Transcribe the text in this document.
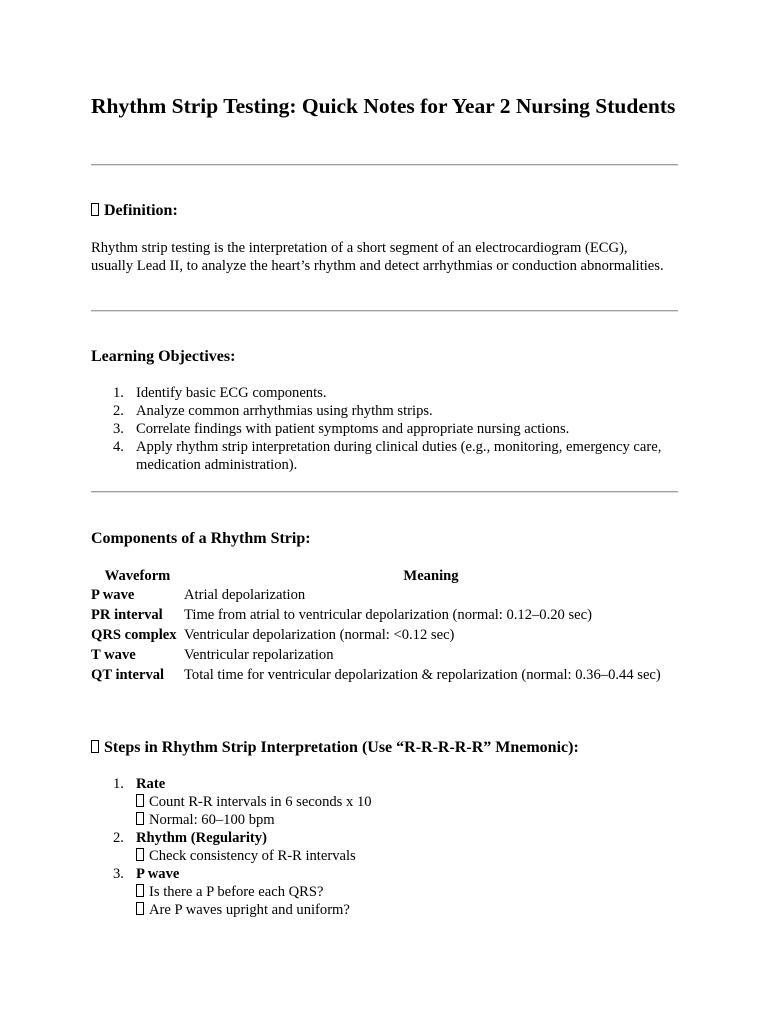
Rhythm Strip Testing: Quick Notes for Year 2 Nursing Students
Definition:

Rhythm strip testing is the interpretation of a short segment of an electrocardiogram (ECG), usually Lead II, to analyze the heart’s rhythm and detect arrhythmias or conduction abnormalities.

Learning Objectives:
1. Identify basic ECG components.
2. Analyze common arrhythmias using rhythm strips.
3. Correlate findings with patient symptoms and appropriate nursing actions.
4. Apply rhythm strip interpretation during clinical duties (e.g., monitoring, emergency care, medication administration).
Components of a Rhythm Strip:
Waveform	Meaning
P wave	Atrial depolarization
PR interval	Time from atrial to ventricular depolarization (normal: 0.12–0.20 sec)
QRS complex	Ventricular depolarization (normal: <0.12 sec)
T wave	Ventricular repolarization
QT interval	Total time for ventricular depolarization & repolarization (normal: 0.36–0.44 sec)
Steps in Rhythm Strip Interpretation (Use “R-R-R-R-R” Mnemonic):
1. Rate
Count R-R intervals in 6 seconds x 10
Normal: 60–100 bpm
2. Rhythm (Regularity)
Check consistency of R-R intervals
3. P wave
Is there a P before each QRS?
Are P waves upright and uniform?
